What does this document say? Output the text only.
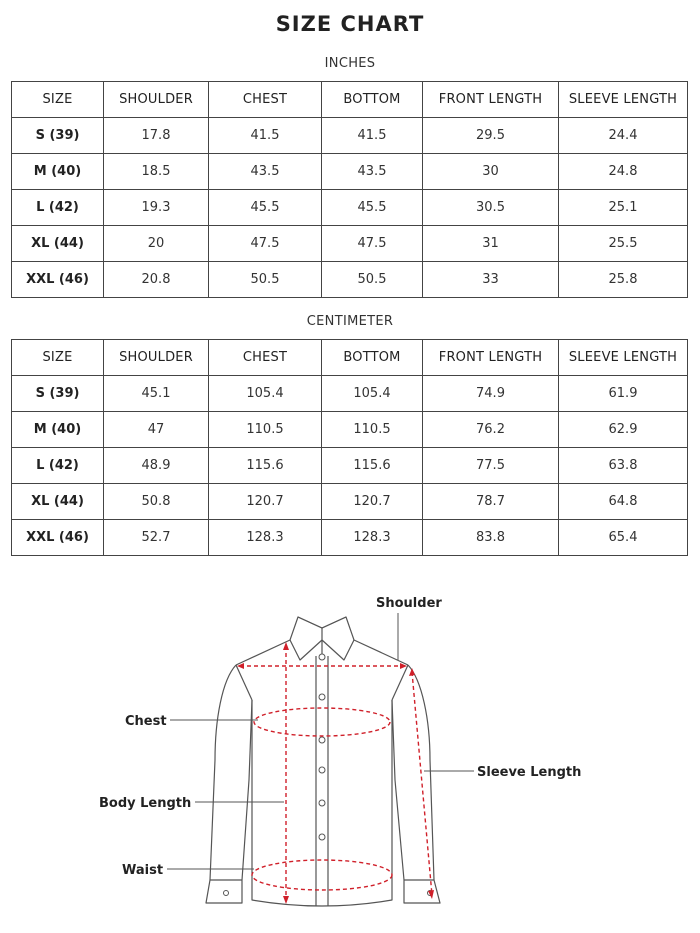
SIZE CHART
INCHES
SIZE	SHOULDER	CHEST	BOTTOM	FRONT LENGTH	SLEEVE LENGTH
S (39)	17.8	41.5	41.5	29.5	24.4
M (40)	18.5	43.5	43.5	30	24.8
L (42)	19.3	45.5	45.5	30.5	25.1
XL (44)	20	47.5	47.5	31	25.5
XXL (46)	20.8	50.5	50.5	33	25.8
CENTIMETER
SIZE	SHOULDER	CHEST	BOTTOM	FRONT LENGTH	SLEEVE LENGTH
S (39)	45.1	105.4	105.4	74.9	61.9
M (40)	47	110.5	110.5	76.2	62.9
L (42)	48.9	115.6	115.6	77.5	63.8
XL (44)	50.8	120.7	120.7	78.7	64.8
XXL (46)	52.7	128.3	128.3	83.8	65.4
Shoulder
Chest
Body Length
Waist
Sleeve Length
